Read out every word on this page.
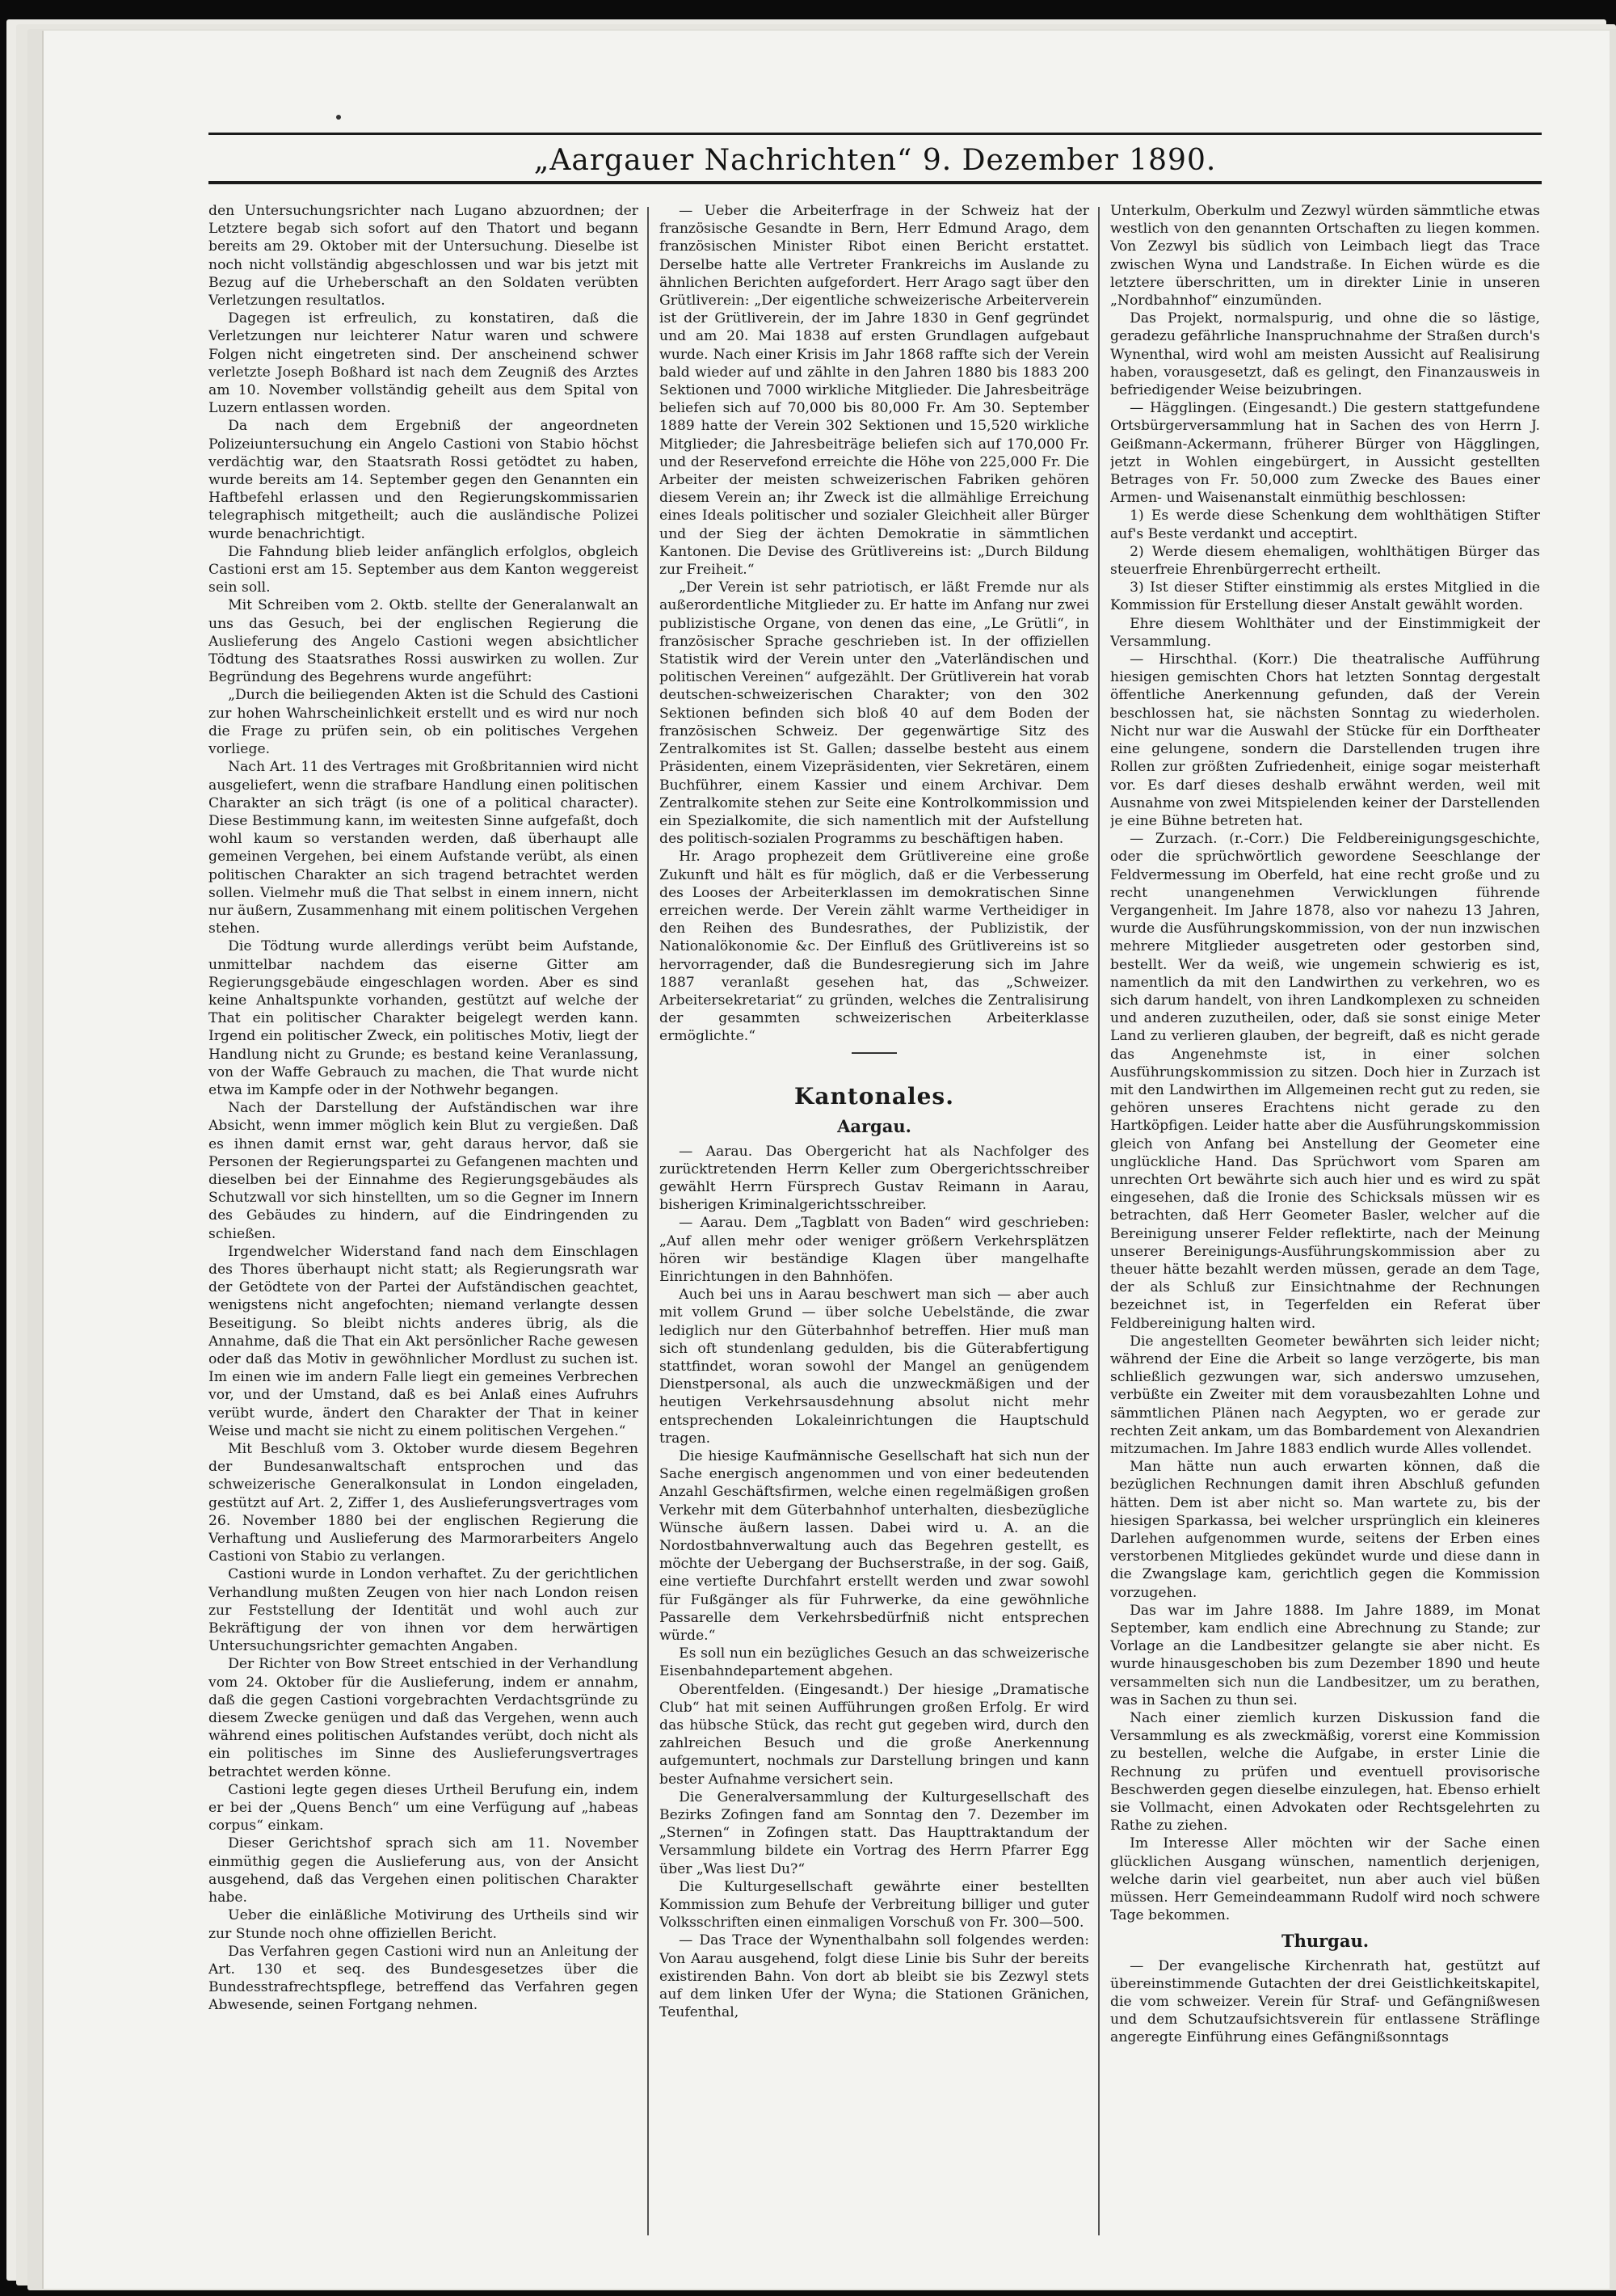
„Aargauer Nachrichten“ 9. Dezember 1890.

den Untersuchungsrichter nach Lugano abzuordnen; der Letztere begab sich sofort auf den Thatort und begann bereits am 29. Oktober mit der Untersuchung. Dieselbe ist noch nicht vollständig abgeschlossen und war bis jetzt mit Bezug auf die Urheberschaft an den Soldaten verübten Verletzungen resultatlos.

Dagegen ist erfreulich, zu konstatiren, daß die Verletzungen nur leichterer Natur waren und schwere Folgen nicht eingetreten sind. Der anscheinend schwer verletzte Joseph Boßhard ist nach dem Zeugniß des Arztes am 10. November vollständig geheilt aus dem Spital von Luzern entlassen worden.

Da nach dem Ergebniß der angeordneten Polizeiuntersuchung ein Angelo Castioni von Stabio höchst verdächtig war, den Staatsrath Rossi getödtet zu haben, wurde bereits am 14. September gegen den Genannten ein Haftbefehl erlassen und den Regierungskommissarien telegraphisch mitgetheilt; auch die ausländische Polizei wurde benachrichtigt.

Die Fahndung blieb leider anfänglich erfolglos, obgleich Castioni erst am 15. September aus dem Kanton weggereist sein soll.

Mit Schreiben vom 2. Oktb. stellte der Generalanwalt an uns das Gesuch, bei der englischen Regierung die Auslieferung des Angelo Castioni wegen absichtlicher Tödtung des Staatsrathes Rossi auswirken zu wollen. Zur Begründung des Begehrens wurde angeführt:

„Durch die beiliegenden Akten ist die Schuld des Castioni zur hohen Wahrscheinlichkeit erstellt und es wird nur noch die Frage zu prüfen sein, ob ein politisches Vergehen vorliege.

Nach Art. 11 des Vertrages mit Großbritannien wird nicht ausgeliefert, wenn die strafbare Handlung einen politischen Charakter an sich trägt (is one of a political character). Diese Bestimmung kann, im weitesten Sinne aufgefaßt, doch wohl kaum so verstanden werden, daß überhaupt alle gemeinen Vergehen, bei einem Aufstande verübt, als einen politischen Charakter an sich tragend betrachtet werden sollen. Vielmehr muß die That selbst in einem innern, nicht nur äußern, Zusammenhang mit einem politischen Vergehen stehen.

Die Tödtung wurde allerdings verübt beim Aufstande, unmittelbar nachdem das eiserne Gitter am Regierungsgebäude eingeschlagen worden. Aber es sind keine Anhaltspunkte vorhanden, gestützt auf welche der That ein politischer Charakter beigelegt werden kann. Irgend ein politischer Zweck, ein politisches Motiv, liegt der Handlung nicht zu Grunde; es bestand keine Veranlassung, von der Waffe Gebrauch zu machen, die That wurde nicht etwa im Kampfe oder in der Nothwehr begangen.

Nach der Darstellung der Aufständischen war ihre Absicht, wenn immer möglich kein Blut zu vergießen. Daß es ihnen damit ernst war, geht daraus hervor, daß sie Personen der Regierungspartei zu Gefangenen machten und dieselben bei der Einnahme des Regierungsgebäudes als Schutzwall vor sich hinstellten, um so die Gegner im Innern des Gebäudes zu hindern, auf die Eindringenden zu schießen.

Irgendwelcher Widerstand fand nach dem Einschlagen des Thores überhaupt nicht statt; als Regierungsrath war der Getödtete von der Partei der Aufständischen geachtet, wenigstens nicht angefochten; niemand verlangte dessen Beseitigung. So bleibt nichts anderes übrig, als die Annahme, daß die That ein Akt persönlicher Rache gewesen oder daß das Motiv in gewöhnlicher Mordlust zu suchen ist. Im einen wie im andern Falle liegt ein gemeines Verbrechen vor, und der Umstand, daß es bei Anlaß eines Aufruhrs verübt wurde, ändert den Charakter der That in keiner Weise und macht sie nicht zu einem politischen Vergehen.“

Mit Beschluß vom 3. Oktober wurde diesem Begehren der Bundesanwaltschaft entsprochen und das schweizerische Generalkonsulat in London eingeladen, gestützt auf Art. 2, Ziffer 1, des Auslieferungsvertrages vom 26. November 1880 bei der englischen Regierung die Verhaftung und Auslieferung des Marmorarbeiters Angelo Castioni von Stabio zu verlangen.

Castioni wurde in London verhaftet. Zu der gerichtlichen Verhandlung mußten Zeugen von hier nach London reisen zur Feststellung der Identität und wohl auch zur Bekräftigung der von ihnen vor dem herwärtigen Untersuchungsrichter gemachten Angaben.

Der Richter von Bow Street entschied in der Verhandlung vom 24. Oktober für die Auslieferung, indem er annahm, daß die gegen Castioni vorgebrachten Verdachtsgründe zu diesem Zwecke genügen und daß das Vergehen, wenn auch während eines politischen Aufstandes verübt, doch nicht als ein politisches im Sinne des Auslieferungsvertrages betrachtet werden könne.

Castioni legte gegen dieses Urtheil Berufung ein, indem er bei der „Quens Bench“ um eine Verfügung auf „habeas corpus“ einkam.

Dieser Gerichtshof sprach sich am 11. November einmüthig gegen die Auslieferung aus, von der Ansicht ausgehend, daß das Vergehen einen politischen Charakter habe.

Ueber die einläßliche Motivirung des Urtheils sind wir zur Stunde noch ohne offiziellen Bericht.

Das Verfahren gegen Castioni wird nun an Anleitung der Art. 130 et seq. des Bundesgesetzes über die Bundesstrafrechtspflege, betreffend das Verfahren gegen Abwesende, seinen Fortgang nehmen.

— Ueber die Arbeiterfrage in der Schweiz hat der französische Gesandte in Bern, Herr Edmund Arago, dem französischen Minister Ribot einen Bericht erstattet. Derselbe hatte alle Vertreter Frankreichs im Auslande zu ähnlichen Berichten aufgefordert. Herr Arago sagt über den Grütliverein: „Der eigentliche schweizerische Arbeiterverein ist der Grütliverein, der im Jahre 1830 in Genf gegründet und am 20. Mai 1838 auf ersten Grundlagen aufgebaut wurde. Nach einer Krisis im Jahr 1868 raffte sich der Verein bald wieder auf und zählte in den Jahren 1880 bis 1883 200 Sektionen und 7000 wirkliche Mitglieder. Die Jahresbeiträge beliefen sich auf 70,000 bis 80,000 Fr. Am 30. September 1889 hatte der Verein 302 Sektionen und 15,520 wirkliche Mitglieder; die Jahresbeiträge beliefen sich auf 170,000 Fr. und der Reservefond erreichte die Höhe von 225,000 Fr. Die Arbeiter der meisten schweizerischen Fabriken gehören diesem Verein an; ihr Zweck ist die allmählige Erreichung eines Ideals politischer und sozialer Gleichheit aller Bürger und der Sieg der ächten Demokratie in sämmtlichen Kantonen. Die Devise des Grütlivereins ist: „Durch Bildung zur Freiheit.“

„Der Verein ist sehr patriotisch, er läßt Fremde nur als außerordentliche Mitglieder zu. Er hatte im Anfang nur zwei publizistische Organe, von denen das eine, „Le Grütli“, in französischer Sprache geschrieben ist. In der offiziellen Statistik wird der Verein unter den „Vaterländischen und politischen Vereinen“ aufgezählt. Der Grütliverein hat vorab deutschen-schweizerischen Charakter; von den 302 Sektionen befinden sich bloß 40 auf dem Boden der französischen Schweiz. Der gegenwärtige Sitz des Zentralkomites ist St. Gallen; dasselbe besteht aus einem Präsidenten, einem Vizepräsidenten, vier Sekretären, einem Buchführer, einem Kassier und einem Archivar. Dem Zentralkomite stehen zur Seite eine Kontrolkommission und ein Spezialkomite, die sich namentlich mit der Aufstellung des politisch-sozialen Programms zu beschäftigen haben.

Hr. Arago prophezeit dem Grütlivereine eine große Zukunft und hält es für möglich, daß er die Verbesserung des Looses der Arbeiterklassen im demokratischen Sinne erreichen werde. Der Verein zählt warme Vertheidiger in den Reihen des Bundesrathes, der Publizistik, der Nationalökonomie &c. Der Einfluß des Grütlivereins ist so hervorragender, daß die Bundesregierung sich im Jahre 1887 veranlaßt gesehen hat, das „Schweizer. Arbeitersekretariat“ zu gründen, welches die Zentralisirung der gesammten schweizerischen Arbeiterklasse ermöglichte.“

Kantonales.
Aargau.

— Aarau. Das Obergericht hat als Nachfolger des zurücktretenden Herrn Keller zum Obergerichtsschreiber gewählt Herrn Fürsprech Gustav Reimann in Aarau, bisherigen Kriminalgerichtsschreiber.

— Aarau. Dem „Tagblatt von Baden“ wird geschrieben: „Auf allen mehr oder weniger größern Verkehrsplätzen hören wir beständige Klagen über mangelhafte Einrichtungen in den Bahnhöfen.

Auch bei uns in Aarau beschwert man sich — aber auch mit vollem Grund — über solche Uebelstände, die zwar lediglich nur den Güterbahnhof betreffen. Hier muß man sich oft stundenlang gedulden, bis die Güterabfertigung stattfindet, woran sowohl der Mangel an genügendem Dienstpersonal, als auch die unzweckmäßigen und der heutigen Verkehrsausdehnung absolut nicht mehr entsprechenden Lokaleinrichtungen die Hauptschuld tragen.

Die hiesige Kaufmännische Gesellschaft hat sich nun der Sache energisch angenommen und von einer bedeutenden Anzahl Geschäftsfirmen, welche einen regelmäßigen großen Verkehr mit dem Güterbahnhof unterhalten, diesbezügliche Wünsche äußern lassen. Dabei wird u. A. an die Nordostbahnverwaltung auch das Begehren gestellt, es möchte der Uebergang der Buchserstraße, in der sog. Gaiß, eine vertiefte Durchfahrt erstellt werden und zwar sowohl für Fußgänger als für Fuhrwerke, da eine gewöhnliche Passarelle dem Verkehrsbedürfniß nicht entsprechen würde.“

Es soll nun ein bezügliches Gesuch an das schweizerische Eisenbahndepartement abgehen.

Oberentfelden. (Eingesandt.) Der hiesige „Dramatische Club“ hat mit seinen Aufführungen großen Erfolg. Er wird das hübsche Stück, das recht gut gegeben wird, durch den zahlreichen Besuch und die große Anerkennung aufgemuntert, nochmals zur Darstellung bringen und kann bester Aufnahme versichert sein.

Die Generalversammlung der Kulturgesellschaft des Bezirks Zofingen fand am Sonntag den 7. Dezember im „Sternen“ in Zofingen statt. Das Haupttraktandum der Versammlung bildete ein Vortrag des Herrn Pfarrer Egg über „Was liest Du?“

Die Kulturgesellschaft gewährte einer bestellten Kommission zum Behufe der Verbreitung billiger und guter Volksschriften einen einmaligen Vorschuß von Fr. 300—500.

— Das Trace der Wynenthalbahn soll folgendes werden: Von Aarau ausgehend, folgt diese Linie bis Suhr der bereits existirenden Bahn. Von dort ab bleibt sie bis Zezwyl stets auf dem linken Ufer der Wyna; die Stationen Gränichen, Teufenthal,

Unterkulm, Oberkulm und Zezwyl würden sämmtliche etwas westlich von den genannten Ortschaften zu liegen kommen. Von Zezwyl bis südlich von Leimbach liegt das Trace zwischen Wyna und Landstraße. In Eichen würde es die letztere überschritten, um in direkter Linie in unseren „Nordbahnhof“ einzumünden.

Das Projekt, normalspurig, und ohne die so lästige, geradezu gefährliche Inanspruchnahme der Straßen durch's Wynenthal, wird wohl am meisten Aussicht auf Realisirung haben, vorausgesetzt, daß es gelingt, den Finanzausweis in befriedigender Weise beizubringen.

— Hägglingen. (Eingesandt.) Die gestern stattgefundene Ortsbürgerversammlung hat in Sachen des von Herrn J. Geißmann-Ackermann, früherer Bürger von Hägglingen, jetzt in Wohlen eingebürgert, in Aussicht gestellten Betrages von Fr. 50,000 zum Zwecke des Baues einer Armen- und Waisenanstalt einmüthig beschlossen:

1) Es werde diese Schenkung dem wohlthätigen Stifter auf's Beste verdankt und acceptirt.

2) Werde diesem ehemaligen, wohlthätigen Bürger das steuerfreie Ehrenbürgerrecht ertheilt.

3) Ist dieser Stifter einstimmig als erstes Mitglied in die Kommission für Erstellung dieser Anstalt gewählt worden.

Ehre diesem Wohlthäter und der Einstimmigkeit der Versammlung.

— Hirschthal. (Korr.) Die theatralische Aufführung hiesigen gemischten Chors hat letzten Sonntag dergestalt öffentliche Anerkennung gefunden, daß der Verein beschlossen hat, sie nächsten Sonntag zu wiederholen. Nicht nur war die Auswahl der Stücke für ein Dorftheater eine gelungene, sondern die Darstellenden trugen ihre Rollen zur größten Zufriedenheit, einige sogar meisterhaft vor. Es darf dieses deshalb erwähnt werden, weil mit Ausnahme von zwei Mitspielenden keiner der Darstellenden je eine Bühne betreten hat.

— Zurzach. (r.-Corr.) Die Feldbereinigungsgeschichte, oder die sprüchwörtlich gewordene Seeschlange der Feldvermessung im Oberfeld, hat eine recht große und zu recht unangenehmen Verwicklungen führende Vergangenheit. Im Jahre 1878, also vor nahezu 13 Jahren, wurde die Ausführungskommission, von der nun inzwischen mehrere Mitglieder ausgetreten oder gestorben sind, bestellt. Wer da weiß, wie ungemein schwierig es ist, namentlich da mit den Landwirthen zu verkehren, wo es sich darum handelt, von ihren Landkomplexen zu schneiden und anderen zuzutheilen, oder, daß sie sonst einige Meter Land zu verlieren glauben, der begreift, daß es nicht gerade das Angenehmste ist, in einer solchen Ausführungskommission zu sitzen. Doch hier in Zurzach ist mit den Landwirthen im Allgemeinen recht gut zu reden, sie gehören unseres Erachtens nicht gerade zu den Hartköpfigen. Leider hatte aber die Ausführungskommission gleich von Anfang bei Anstellung der Geometer eine unglückliche Hand. Das Sprüchwort vom Sparen am unrechten Ort bewährte sich auch hier und es wird zu spät eingesehen, daß die Ironie des Schicksals müssen wir es betrachten, daß Herr Geometer Basler, welcher auf die Bereinigung unserer Felder reflektirte, nach der Meinung unserer Bereinigungs-Ausführungskommission aber zu theuer hätte bezahlt werden müssen, gerade an dem Tage, der als Schluß zur Einsichtnahme der Rechnungen bezeichnet ist, in Tegerfelden ein Referat über Feldbereinigung halten wird.

Die angestellten Geometer bewährten sich leider nicht; während der Eine die Arbeit so lange verzögerte, bis man schließlich gezwungen war, sich anderswo umzusehen, verbüßte ein Zweiter mit dem vorausbezahlten Lohne und sämmtlichen Plänen nach Aegypten, wo er gerade zur rechten Zeit ankam, um das Bombardement von Alexandrien mitzumachen. Im Jahre 1883 endlich wurde Alles vollendet.

Man hätte nun auch erwarten können, daß die bezüglichen Rechnungen damit ihren Abschluß gefunden hätten. Dem ist aber nicht so. Man wartete zu, bis der hiesigen Sparkassa, bei welcher ursprünglich ein kleineres Darlehen aufgenommen wurde, seitens der Erben eines verstorbenen Mitgliedes gekündet wurde und diese dann in die Zwangslage kam, gerichtlich gegen die Kommission vorzugehen.

Das war im Jahre 1888. Im Jahre 1889, im Monat September, kam endlich eine Abrechnung zu Stande; zur Vorlage an die Landbesitzer gelangte sie aber nicht. Es wurde hinausgeschoben bis zum Dezember 1890 und heute versammelten sich nun die Landbesitzer, um zu berathen, was in Sachen zu thun sei.

Nach einer ziemlich kurzen Diskussion fand die Versammlung es als zweckmäßig, vorerst eine Kommission zu bestellen, welche die Aufgabe, in erster Linie die Rechnung zu prüfen und eventuell provisorische Beschwerden gegen dieselbe einzulegen, hat. Ebenso erhielt sie Vollmacht, einen Advokaten oder Rechtsgelehrten zu Rathe zu ziehen.

Im Interesse Aller möchten wir der Sache einen glücklichen Ausgang wünschen, namentlich derjenigen, welche darin viel gearbeitet, nun aber auch viel büßen müssen. Herr Gemeindeammann Rudolf wird noch schwere Tage bekommen.

Thurgau.

— Der evangelische Kirchenrath hat, gestützt auf übereinstimmende Gutachten der drei Geistlichkeitskapitel, die vom schweizer. Verein für Straf- und Gefängnißwesen und dem Schutzaufsichtsverein für entlassene Sträflinge angeregte Einführung eines Gefängnißsonntags
